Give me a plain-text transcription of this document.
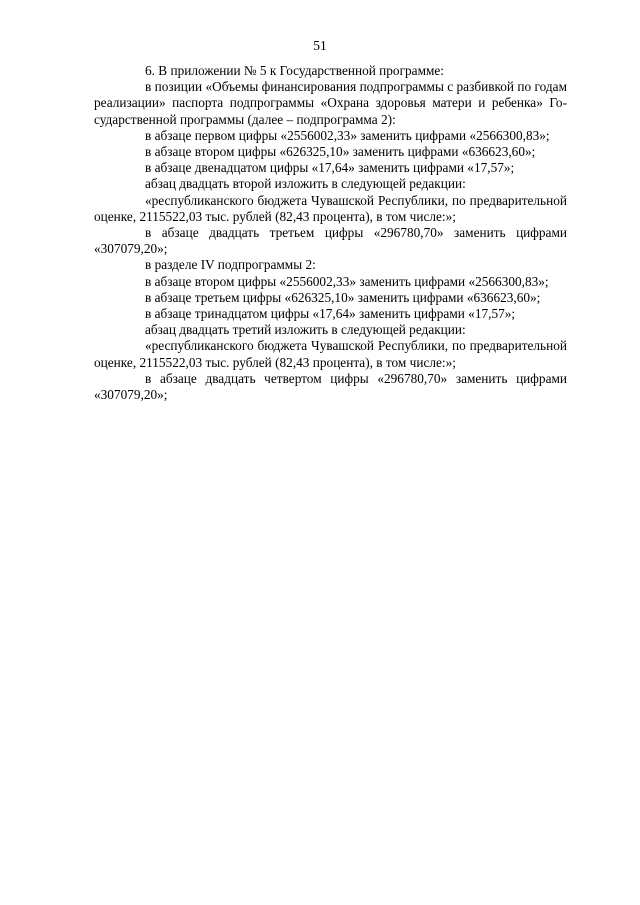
51

6. В приложении № 5 к Государственной программе:

в позиции «Объемы финансирования подпрограммы с разбивкой по годам реализации» паспорта подпрограммы «Охрана здоровья матери и ребенка» Государственной программы (далее – подпрограмма 2):

в абзаце первом цифры «2556002,33» заменить цифрами «2566300,83»;

в абзаце втором цифры «626325,10» заменить цифрами «636623,60»;

в абзаце двенадцатом цифры «17,64» заменить цифрами «17,57»;

абзац двадцать второй изложить в следующей редакции:

«республиканского бюджета Чувашской Республики, по предварительной оценке, 2115522,03 тыс. рублей (82,43 процента), в том числе:»;

в абзаце двадцать третьем цифры «296780,70» заменить цифрами «307079,20»;

в разделе IV подпрограммы 2:

в абзаце втором цифры «2556002,33» заменить цифрами «2566300,83»;

в абзаце третьем цифры «626325,10» заменить цифрами «636623,60»;

в абзаце тринадцатом цифры «17,64» заменить цифрами «17,57»;

абзац двадцать третий изложить в следующей редакции:

«республиканского бюджета Чувашской Республики, по предварительной оценке, 2115522,03 тыс. рублей (82,43 процента), в том числе:»;

в абзаце двадцать четвертом цифры «296780,70» заменить цифрами «307079,20»;
